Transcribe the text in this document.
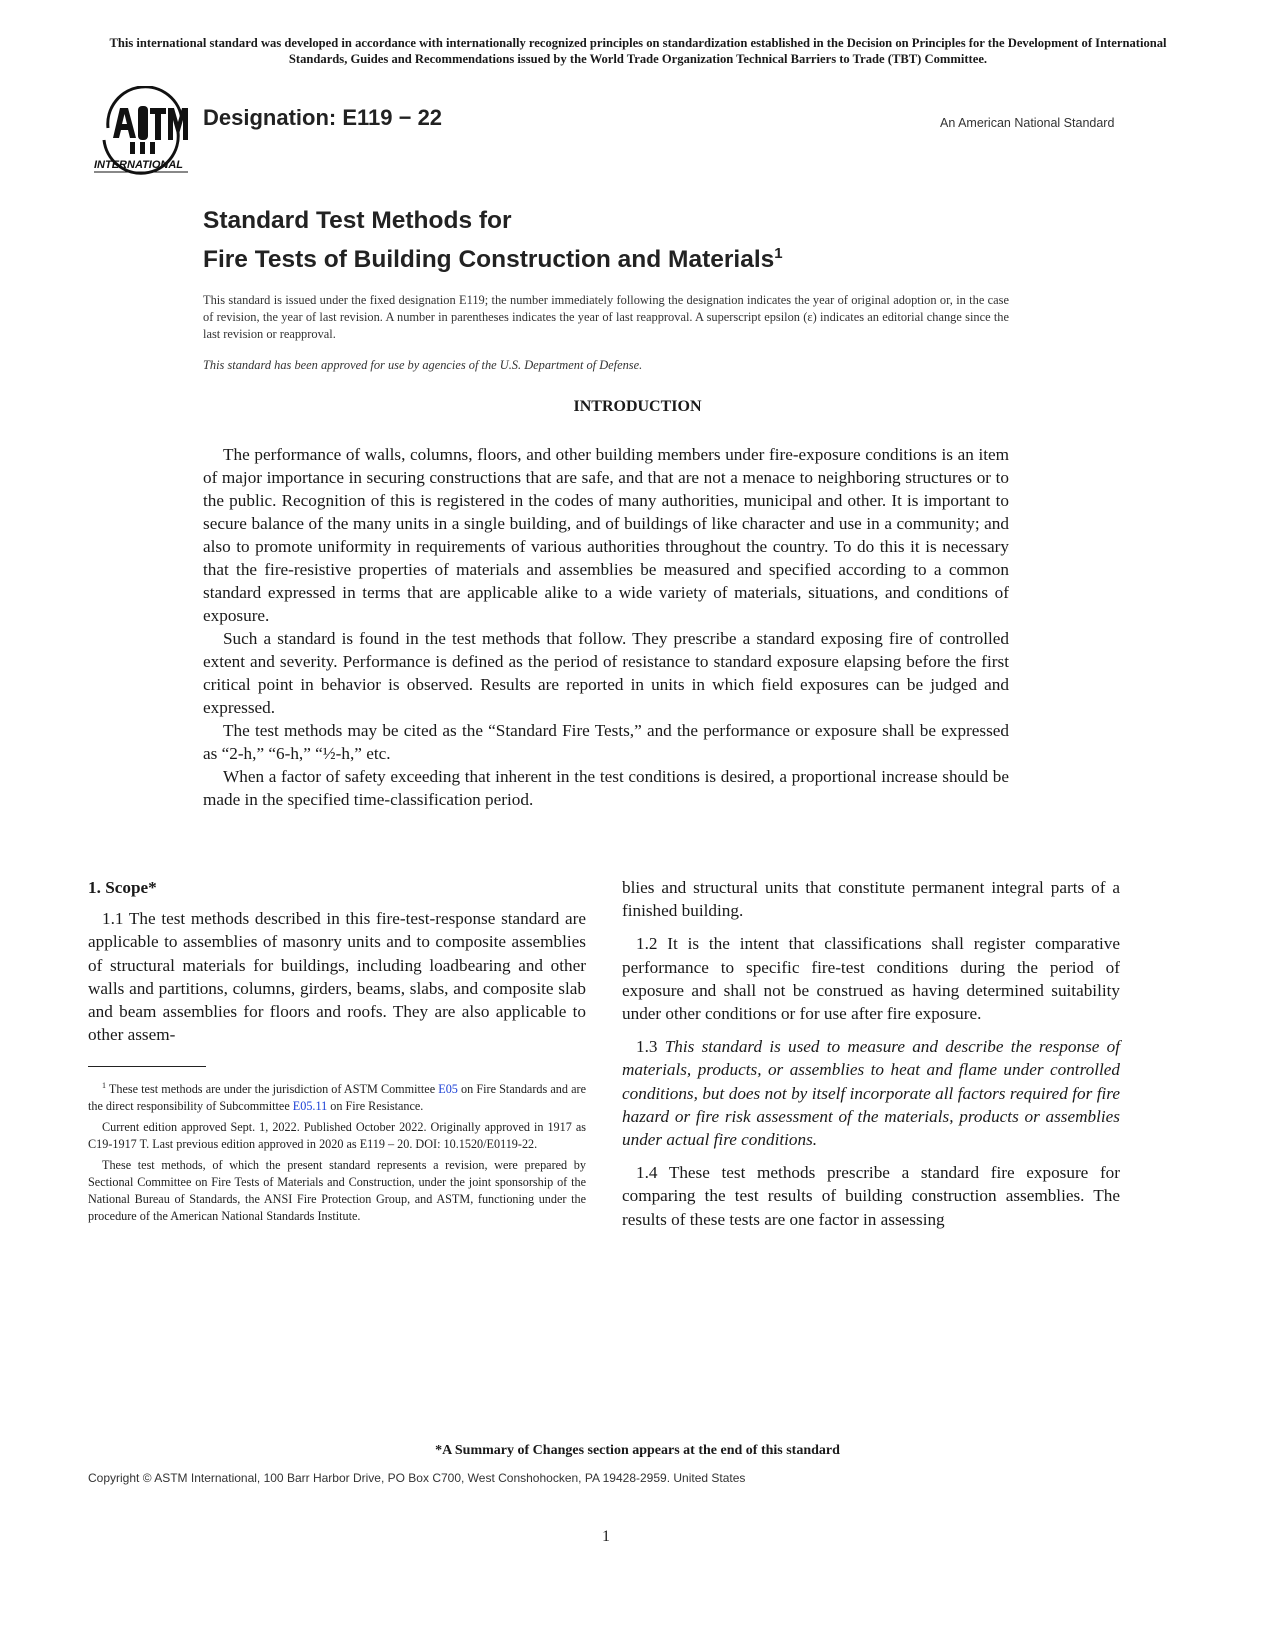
This international standard was developed in accordance with internationally recognized principles on standardization established in the Decision on Principles for the Development of International Standards, Guides and Recommendations issued by the World Trade Organization Technical Barriers to Trade (TBT) Committee.
INTERNATIONAL
Designation: E119 − 22	An American National Standard
Standard Test Methods for
Fire Tests of Building Construction and Materials$^1$
This standard is issued under the fixed designation E119; the number immediately following the designation indicates the year of original adoption or, in the case of revision, the year of last revision. A number in parentheses indicates the year of last reapproval. A superscript epsilon (ε) indicates an editorial change since the last revision or reapproval.
This standard has been approved for use by agencies of the U.S. Department of Defense.
INTRODUCTION

The performance of walls, columns, floors, and other building members under fire-exposure conditions is an item of major importance in securing constructions that are safe, and that are not a menace to neighboring structures or to the public. Recognition of this is registered in the codes of many authorities, municipal and other. It is important to secure balance of the many units in a single building, and of buildings of like character and use in a community; and also to promote uniformity in requirements of various authorities throughout the country. To do this it is necessary that the fire-resistive properties of materials and assemblies be measured and specified according to a common standard expressed in terms that are applicable alike to a wide variety of materials, situations, and conditions of exposure.

Such a standard is found in the test methods that follow. They prescribe a standard exposing fire of controlled extent and severity. Performance is defined as the period of resistance to standard exposure elapsing before the first critical point in behavior is observed. Results are reported in units in which field exposures can be judged and expressed.

The test methods may be cited as the “Standard Fire Tests,” and the performance or exposure shall be expressed as “2-h,” “6-h,” “½-h,” etc.

When a factor of safety exceeding that inherent in the test conditions is desired, a proportional increase should be made in the specified time-classification period.

1. Scope*

1.1 The test methods described in this fire-test-response standard are applicable to assemblies of masonry units and to composite assemblies of structural materials for buildings, including loadbearing and other walls and partitions, columns, girders, beams, slabs, and composite slab and beam assemblies for floors and roofs. They are also applicable to other assem-

$^1$ These test methods are under the jurisdiction of ASTM Committee E05 on Fire Standards and are the direct responsibility of Subcommittee E05.11 on Fire Resistance.

Current edition approved Sept. 1, 2022. Published October 2022. Originally approved in 1917 as C19-1917 T. Last previous edition approved in 2020 as E119 – 20. DOI: 10.1520/E0119-22.

These test methods, of which the present standard represents a revision, were prepared by Sectional Committee on Fire Tests of Materials and Construction, under the joint sponsorship of the National Bureau of Standards, the ANSI Fire Protection Group, and ASTM, functioning under the procedure of the American National Standards Institute.

blies and structural units that constitute permanent integral parts of a finished building.

1.2 It is the intent that classifications shall register comparative performance to specific fire-test conditions during the period of exposure and shall not be construed as having determined suitability under other conditions or for use after fire exposure.

1.3 This standard is used to measure and describe the response of materials, products, or assemblies to heat and flame under controlled conditions, but does not by itself incorporate all factors required for fire hazard or fire risk assessment of the materials, products or assemblies under actual fire conditions.

1.4 These test methods prescribe a standard fire exposure for comparing the test results of building construction assemblies. The results of these tests are one factor in assessing

*A Summary of Changes section appears at the end of this standard
Copyright © ASTM International, 100 Barr Harbor Drive, PO Box C700, West Conshohocken, PA 19428-2959. United States
1
